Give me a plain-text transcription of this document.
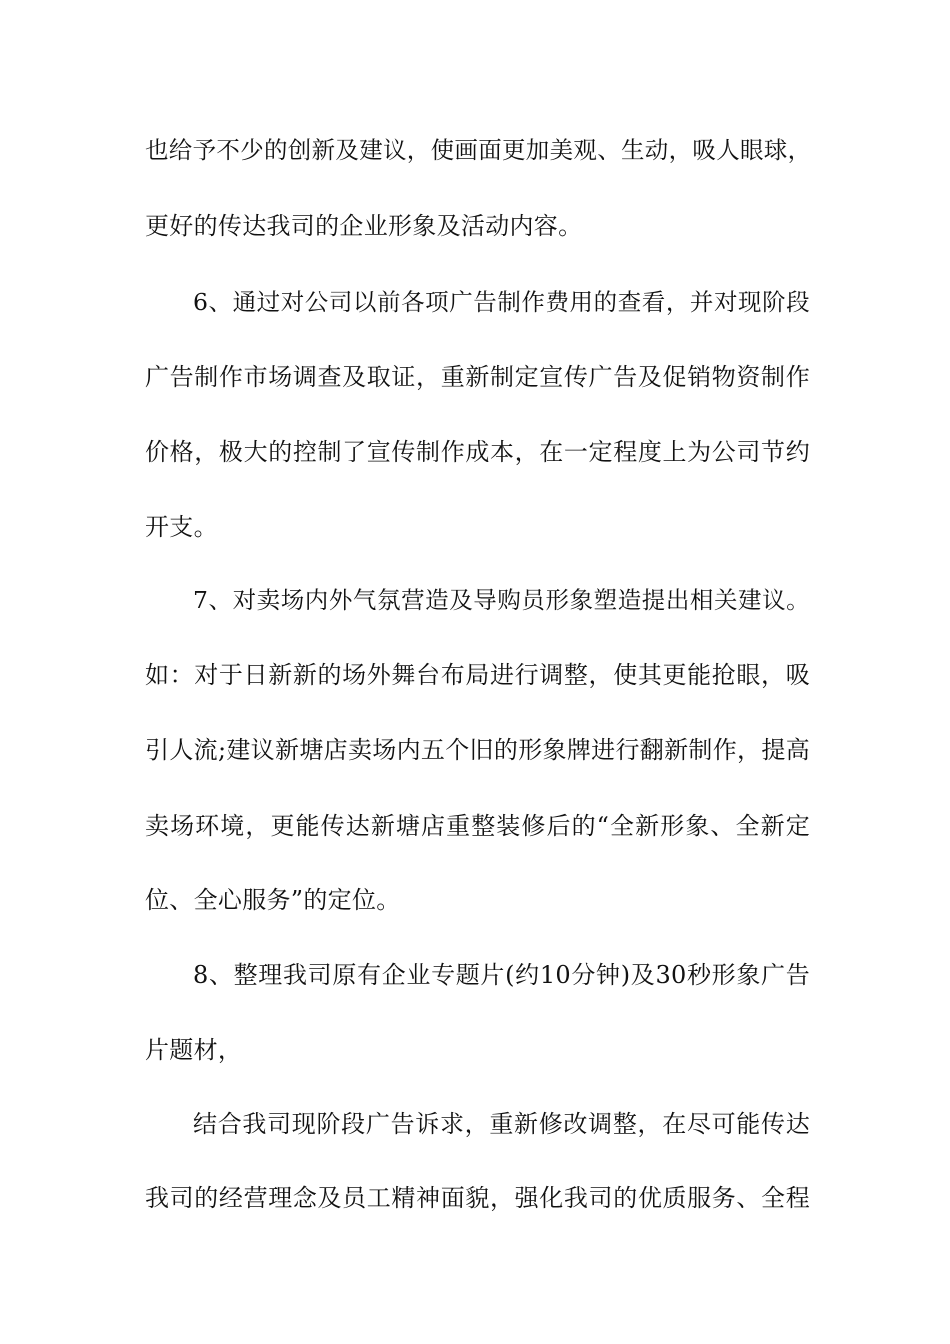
也给予不少的创新及建议，使画面更加美观、生动，吸人眼球，
更好的传达我司的企业形象及活动内容。
6、通过对公司以前各项广告制作费用的查看，并对现阶段
广告制作市场调查及取证，重新制定宣传广告及促销物资制作
价格，极大的控制了宣传制作成本，在一定程度上为公司节约
开支。
7、对卖场内外气氛营造及导购员形象塑造提出相关建议。
如：对于日新新的场外舞台布局进行调整，使其更能抢眼，吸
引人流;建议新塘店卖场内五个旧的形象牌进行翻新制作，提高
卖场环境，更能传达新塘店重整装修后的“全新形象、全新定
位、全心服务”的定位。
8、整理我司原有企业专题片(约10分钟)及30秒形象广告
片题材，
结合我司现阶段广告诉求，重新修改调整，在尽可能传达
我司的经营理念及员工精神面貌，强化我司的优质服务、全程
